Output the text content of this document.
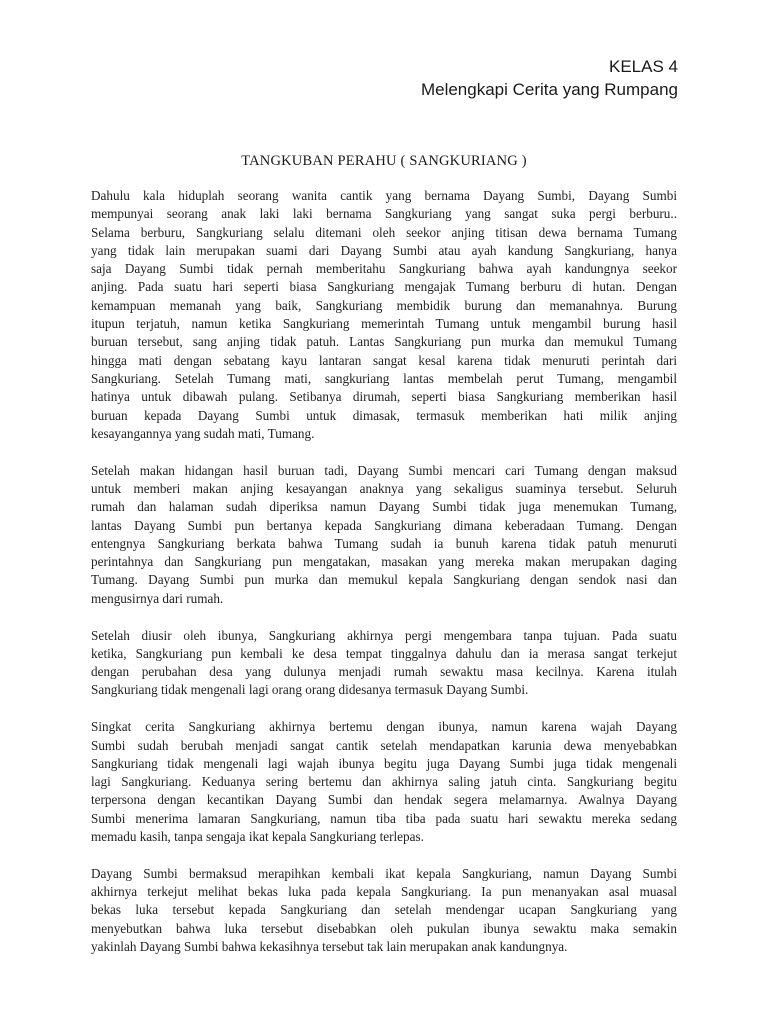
KELAS 4
Melengkapi Cerita yang Rumpang
TANGKUBAN PERAHU ( SANGKURIANG )

Dahulu kala hiduplah seorang wanita cantik yang bernama Dayang Sumbi, Dayang Sumbi
mempunyai seorang anak laki laki bernama Sangkuriang yang sangat suka pergi berburu..
Selama berburu, Sangkuriang selalu ditemani oleh seekor anjing titisan dewa bernama Tumang
yang tidak lain merupakan suami dari Dayang Sumbi atau ayah kandung Sangkuriang, hanya
saja Dayang Sumbi tidak pernah memberitahu Sangkuriang bahwa ayah kandungnya seekor
anjing. Pada suatu hari seperti biasa Sangkuriang mengajak Tumang berburu di hutan. Dengan
kemampuan memanah yang baik, Sangkuriang membidik burung dan memanahnya. Burung
itupun terjatuh, namun ketika Sangkuriang memerintah Tumang untuk mengambil burung hasil
buruan tersebut, sang anjing tidak patuh. Lantas Sangkuriang pun murka dan memukul Tumang
hingga mati dengan sebatang kayu lantaran sangat kesal karena tidak menuruti perintah dari
Sangkuriang. Setelah Tumang mati, sangkuriang lantas membelah perut Tumang, mengambil
hatinya untuk dibawah pulang. Setibanya dirumah, seperti biasa Sangkuriang memberikan hasil
buruan kepada Dayang Sumbi untuk dimasak, termasuk memberikan hati milik anjing
kesayangannya yang sudah mati, Tumang.

Setelah makan hidangan hasil buruan tadi, Dayang Sumbi mencari cari Tumang dengan maksud
untuk memberi makan anjing kesayangan anaknya yang sekaligus suaminya tersebut. Seluruh
rumah dan halaman sudah diperiksa namun Dayang Sumbi tidak juga menemukan Tumang,
lantas Dayang Sumbi pun bertanya kepada Sangkuriang dimana keberadaan Tumang. Dengan
entengnya Sangkuriang berkata bahwa Tumang sudah ia bunuh karena tidak patuh menuruti
perintahnya dan Sangkuriang pun mengatakan, masakan yang mereka makan merupakan daging
Tumang. Dayang Sumbi pun murka dan memukul kepala Sangkuriang dengan sendok nasi dan
mengusirnya dari rumah.

Setelah diusir oleh ibunya, Sangkuriang akhirnya pergi mengembara tanpa tujuan. Pada suatu
ketika, Sangkuriang pun kembali ke desa tempat tinggalnya dahulu dan ia merasa sangat terkejut
dengan perubahan desa yang dulunya menjadi rumah sewaktu masa kecilnya. Karena itulah
Sangkuriang tidak mengenali lagi orang orang didesanya termasuk Dayang Sumbi.

Singkat cerita Sangkuriang akhirnya bertemu dengan ibunya, namun karena wajah Dayang
Sumbi sudah berubah menjadi sangat cantik setelah mendapatkan karunia dewa menyebabkan
Sangkuriang tidak mengenali lagi wajah ibunya begitu juga Dayang Sumbi juga tidak mengenali
lagi Sangkuriang. Keduanya sering bertemu dan akhirnya saling jatuh cinta. Sangkuriang begitu
terpersona dengan kecantikan Dayang Sumbi dan hendak segera melamarnya. Awalnya Dayang
Sumbi menerima lamaran Sangkuriang, namun tiba tiba pada suatu hari sewaktu mereka sedang
memadu kasih, tanpa sengaja ikat kepala Sangkuriang terlepas.

Dayang Sumbi bermaksud merapihkan kembali ikat kepala Sangkuriang, namun Dayang Sumbi
akhirnya terkejut melihat bekas luka pada kepala Sangkuriang. Ia pun menanyakan asal muasal
bekas luka tersebut kepada Sangkuriang dan setelah mendengar ucapan Sangkuriang yang
menyebutkan bahwa luka tersebut disebabkan oleh pukulan ibunya sewaktu maka semakin
yakinlah Dayang Sumbi bahwa kekasihnya tersebut tak lain merupakan anak kandungnya.
